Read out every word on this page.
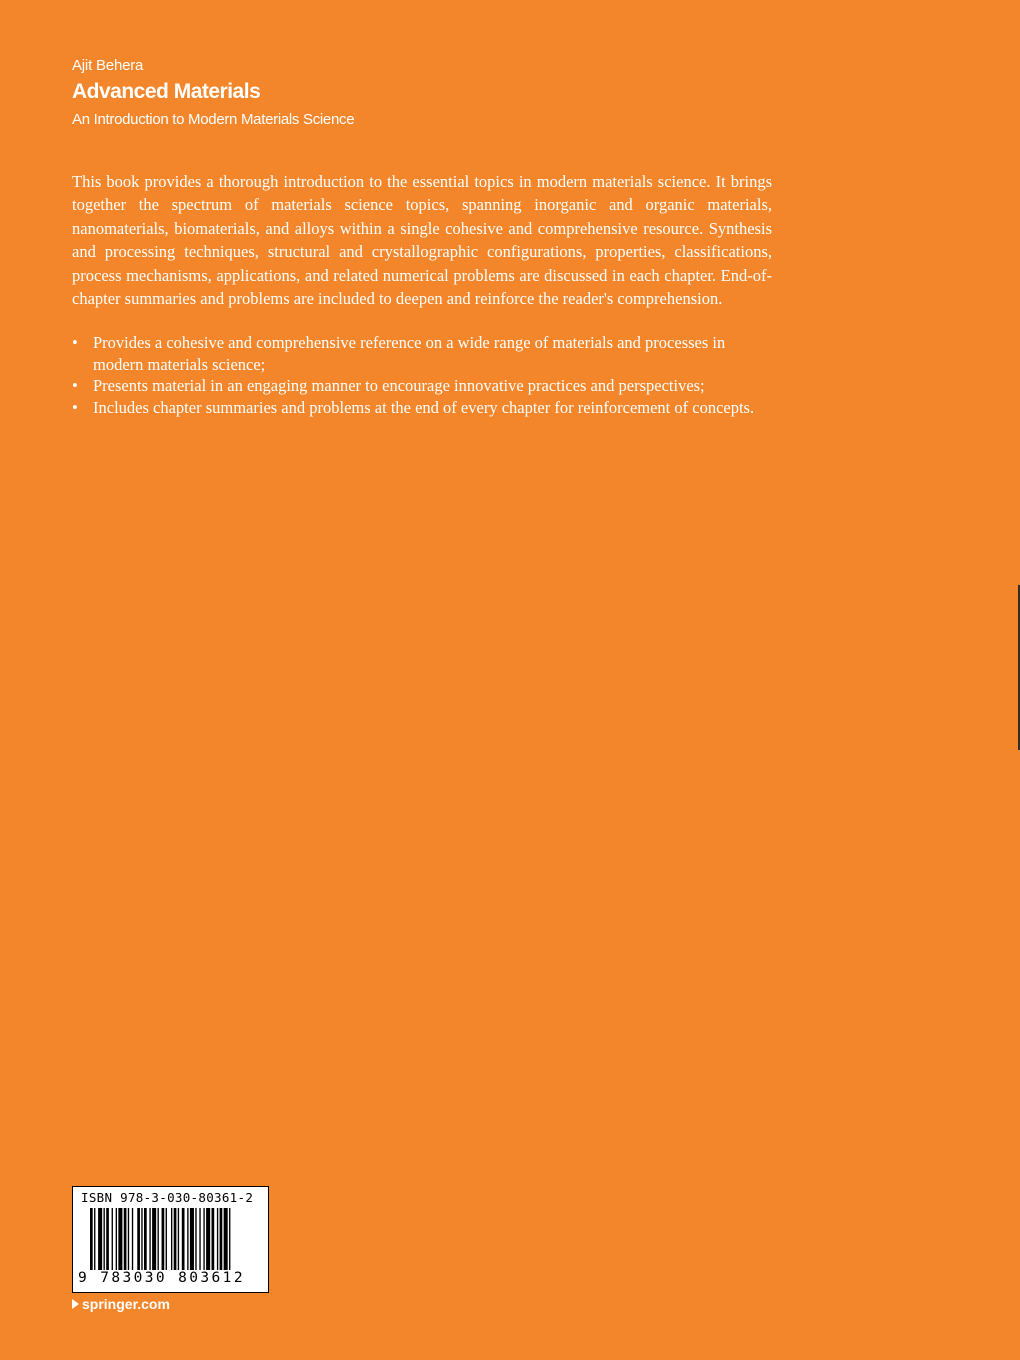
Ajit Behera
Advanced Materials
An Introduction to Modern Materials Science

This book provides a thorough introduction to the essential topics in modern materials science. It brings together the spectrum of materials science topics, spanning inorganic and organic materials, nanomaterials, biomaterials, and alloys within a single cohesive and comprehensive resource. Synthesis and processing techniques, structural and crystallographic configurations, properties, classifications, process mechanisms, applications, and related numerical problems are discussed in each chapter. End-of-chapter summaries and problems are included to deepen and reinforce the reader's comprehension.

• Provides a cohesive and comprehensive reference on a wide range of materials and processes in modern materials science;
• Presents material in an engaging manner to encourage innovative practices and perspectives;
• Includes chapter summaries and problems at the end of every chapter for reinforcement of concepts.
ISBN 978-3-030-80361-2
9 783030 803612
springer.com
